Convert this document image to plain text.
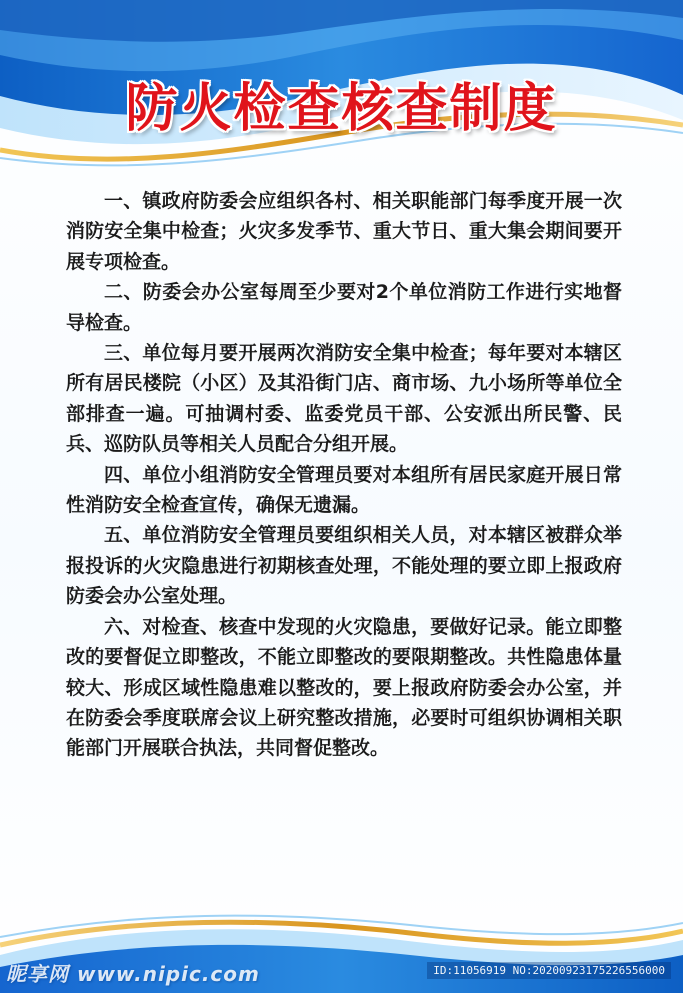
防火检查核查制度

一、镇政府防委会应组织各村、相关职能部门每季度开展一次消防安全集中检查；火灾多发季节、重大节日、重大集会期间要开展专项检查。

二、防委会办公室每周至少要对2个单位消防工作进行实地督导检查。

三、单位每月要开展两次消防安全集中检查；每年要对本辖区所有居民楼院（小区）及其沿街门店、商市场、九小场所等单位全部排查一遍。可抽调村委、监委党员干部、公安派出所民警、民兵、巡防队员等相关人员配合分组开展。

四、单位小组消防安全管理员要对本组所有居民家庭开展日常性消防安全检查宣传，确保无遗漏。

五、单位消防安全管理员要组织相关人员，对本辖区被群众举报投诉的火灾隐患进行初期核查处理，不能处理的要立即上报政府防委会办公室处理。

六、对检查、核查中发现的火灾隐患，要做好记录。能立即整改的要督促立即整改，不能立即整改的要限期整改。共性隐患体量较大、形成区域性隐患难以整改的，要上报政府防委会办公室，并在防委会季度联席会议上研究整改措施，必要时可组织协调相关职能部门开展联合执法，共同督促整改。

昵享网 www.nipic.com	ID:11056919 NO:20200923175226556000
